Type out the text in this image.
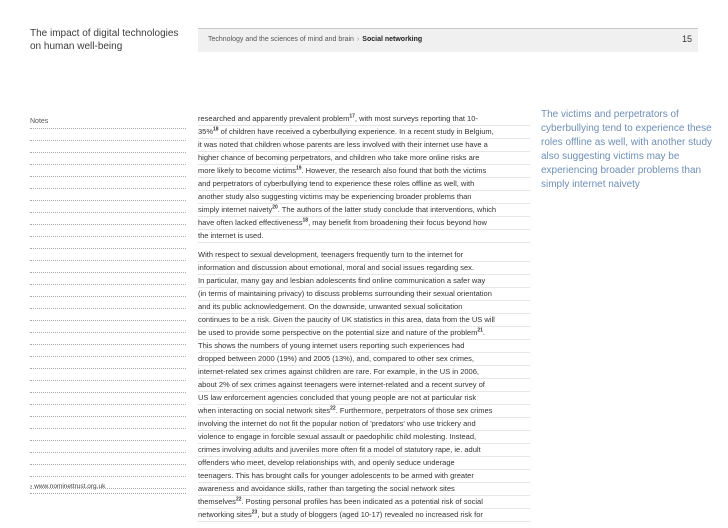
The impact of digital technologies on human well-being
Technology and the sciences of mind and brain › Social networking	15
Notes
› www.nominettrust.org.uk

researched and apparently prevalent problem$^{17}$, with most surveys reporting that 10-
35%$^{18}$ of children have received a cyberbullying experience. In a recent study in Belgium,
it was noted that children whose parents are less involved with their internet use have a
higher chance of becoming perpetrators, and children who take more online risks are
more likely to become victims$^{19}$. However, the research also found that both the victims
and perpetrators of cyberbullying tend to experience these roles offline as well, with
another study also suggesting victims may be experiencing broader problems than
simply internet naivety$^{20}$. The authors of the latter study conclude that interventions, which
have often lacked effectiveness$^{18}$, may benefit from broadening their focus beyond how
the internet is used.

With respect to sexual development, teenagers frequently turn to the internet for
information and discussion about emotional, moral and social issues regarding sex.
In particular, many gay and lesbian adolescents find online communication a safer way
(in terms of maintaining privacy) to discuss problems surrounding their sexual orientation
and its public acknowledgement. On the downside, unwanted sexual solicitation
continues to be a risk. Given the paucity of UK statistics in this area, data from the US will
be used to provide some perspective on the potential size and nature of the problem$^{21}$.
This shows the numbers of young internet users reporting such experiences had
dropped between 2000 (19%) and 2005 (13%), and, compared to other sex crimes,
internet-related sex crimes against children are rare. For example, in the US in 2006,
about 2% of sex crimes against teenagers were internet-related and a recent survey of
US law enforcement agencies concluded that young people are not at particular risk
when interacting on social network sites$^{22}$. Furthermore, perpetrators of those sex crimes
involving the internet do not fit the popular notion of 'predators' who use trickery and
violence to engage in forcible sexual assault or paedophilic child molesting. Instead,
crimes involving adults and juveniles more often fit a model of statutory rape, ie. adult
offenders who meet, develop relationships with, and openly seduce underage
teenagers. This has brought calls for younger adolescents to be armed with greater
awareness and avoidance skills, rather than targeting the social network sites
themselves$^{22}$. Posting personal profiles has been indicated as a potential risk of social
networking sites$^{23}$, but a study of bloggers (aged 10-17) revealed no increased risk for

The victims and perpetrators of cyberbullying tend to experience these roles offline as well, with another study also suggesting victims may be experiencing broader problems than simply internet naivety
